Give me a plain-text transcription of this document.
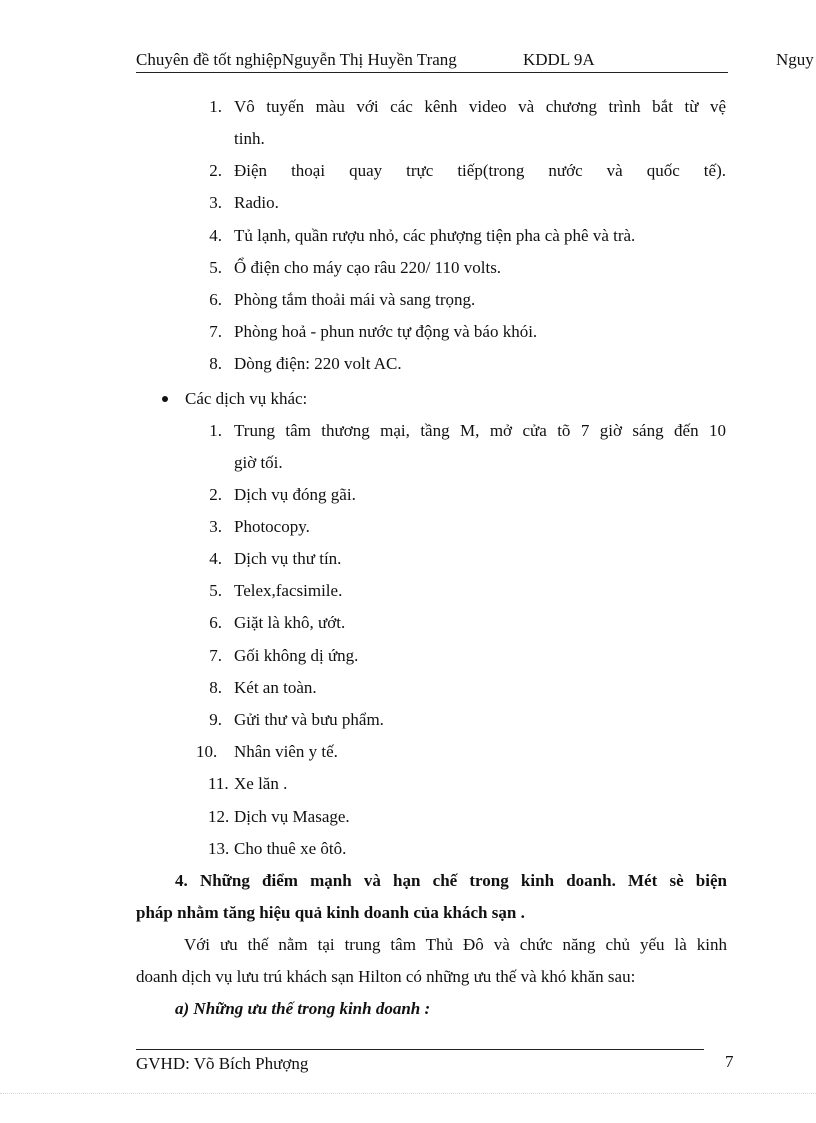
Chuyên đề tốt nghiệpNguyễn Thị Huyền Trang	KDDL 9A	Nguy
1. Vô tuyến màu với các kênh video và chương trình bắt từ vệ
tinh.
2. Điện thoại quay trực tiếp(trong nước và quốc tế).
3. Radio.
4. Tủ lạnh, quần rượu nhỏ, các phượng tiện pha cà phê và trà.
5. Ổ điện cho máy cạo râu 220/ 110 volts.
6. Phòng tắm thoải mái và sang trọng.
7. Phòng hoả - phun nước tự động và báo khói.
8. Dòng điện: 220 volt AC.
Các dịch vụ khác:
1. Trung tâm thương mại, tầng M, mở cửa tõ 7 giờ sáng đến 10
giờ tối.
2. Dịch vụ đóng gãi.
3. Photocopy.
4. Dịch vụ thư tín.
5. Telex,facsimile.
6. Giặt là khô, ướt.
7. Gối không dị ứng.
8. Két an toàn.
9. Gửi thư và bưu phẩm.
10. Nhân viên y tế.
11. Xe lăn .
12. Dịch vụ Masage.
13. Cho thuê xe ôtô.
4. Những điểm mạnh và hạn chế trong kinh doanh. Mét sè biện
pháp nhằm tăng hiệu quả kinh doanh của khách sạn .
Với ưu thế nằm tại trung tâm Thủ Đô và chức năng chủ yếu là kinh
doanh dịch vụ lưu trú khách sạn Hilton có những ưu thế và khó khăn sau:
a) Những ưu thế trong kinh doanh :
GVHD: Võ Bích Phượng	7
